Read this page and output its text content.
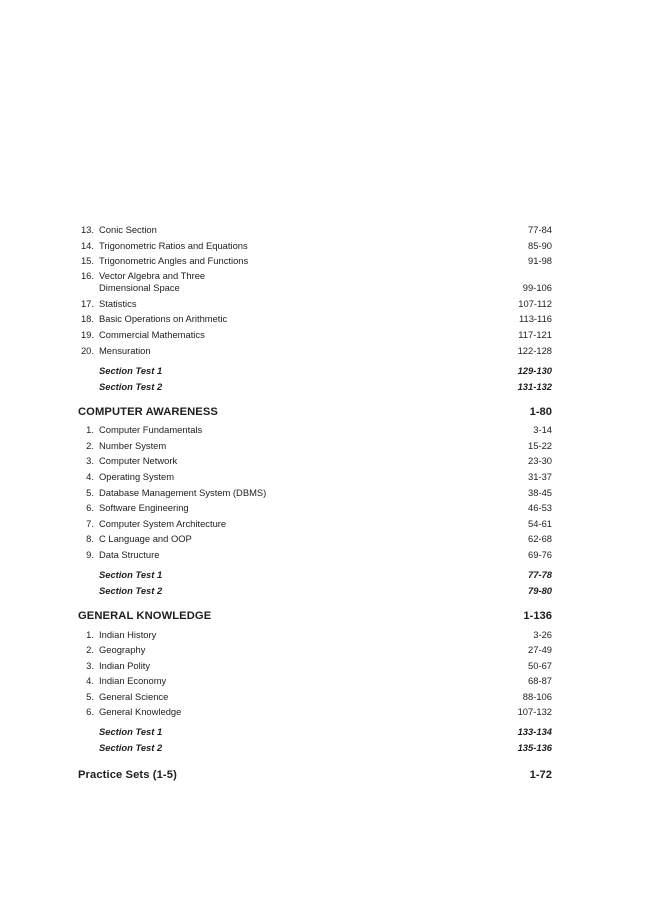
13. Conic Section	77-84
14. Trigonometric Ratios and Equations	85-90
15. Trigonometric Angles and Functions	91-98
16. Vector Algebra and Three
Dimensional Space	99-106
17. Statistics	107-112
18. Basic Operations on Arithmetic	113-116
19. Commercial Mathematics	117-121
20. Mensuration	122-128
Section Test 1	129-130
Section Test 2	131-132
COMPUTER AWARENESS	1-80
1. Computer Fundamentals	3-14
2. Number System	15-22
3. Computer Network	23-30
4. Operating System	31-37
5. Database Management System (DBMS)	38-45
6. Software Engineering	46-53
7. Computer System Architecture	54-61
8. C Language and OOP	62-68
9. Data Structure	69-76
Section Test 1	77-78
Section Test 2	79-80
GENERAL KNOWLEDGE	1-136
1. Indian History	3-26
2. Geography	27-49
3. Indian Polity	50-67
4. Indian Economy	68-87
5. General Science	88-106
6. General Knowledge	107-132
Section Test 1	133-134
Section Test 2	135-136
Practice Sets (1-5)	1-72
